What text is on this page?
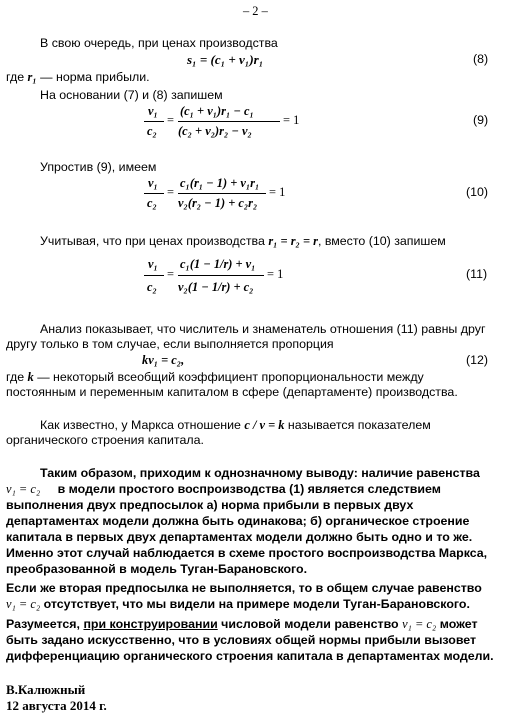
– 2 –
В свою очередь, при ценах производства
s₁ = (c₁ + v₁)r₁	(8)
где r₁ — норма прибыли.
На основании (7) и (8) запишем
v₁
c₂
=
(c₁ + v₁)r₁ − c₁
(c₂ + v₂)r₂ − v₂
= 1	(9)
Упростив (9), имеем
v₁
c₂
=
c₁(r₁ − 1) + v₁r₁
v₂(r₂ − 1) + c₂r₂
= 1	(10)
Учитывая, что при ценах производства r₁ = r₂ = r, вместо (10) запишем
v₁
c₂
=
c₁(1 − 1/r) + v₁
v₂(1 − 1/r) + c₂
= 1	(11)
Анализ показывает, что числитель и знаменатель отношения (11) равны друг
другу только в том случае, если выполняется пропорция
kv₁ = c₂,	(12)
где k — некоторый всеобщий коэффициент пропорциональности между
постоянным и переменным капиталом в сфере (департаменте) производства.
Как известно, у Маркса отношение c / v = k называется показателем
органического строения капитала.
Таким образом, приходим к однозначному выводу: наличие равенства
v₁ = c₂ в модели простого воспроизводства (1) является следствием
выполнения двух предпосылок а) норма прибыли в первых двух
департаментах модели должна быть одинакова; б) органическое строение
капитала в первых двух департаментах модели должно быть одно и то же.
Именно этот случай наблюдается в схеме простого воспроизводства Маркса,
преобразованной в модель Туган-Барановского.
Если же вторая предпосылка не выполняется, то в общем случае равенство
v₁ = c₂ отсутствует, что мы видели на примере модели Туган-Барановского.
Разумеется, при конструировании числовой модели равенство v₁ = c₂ может
быть задано искусственно, что в условиях общей нормы прибыли вызовет
дифференциацию органического строения капитала в департаментах модели.
В.Калюжный
12 августа 2014 г.
